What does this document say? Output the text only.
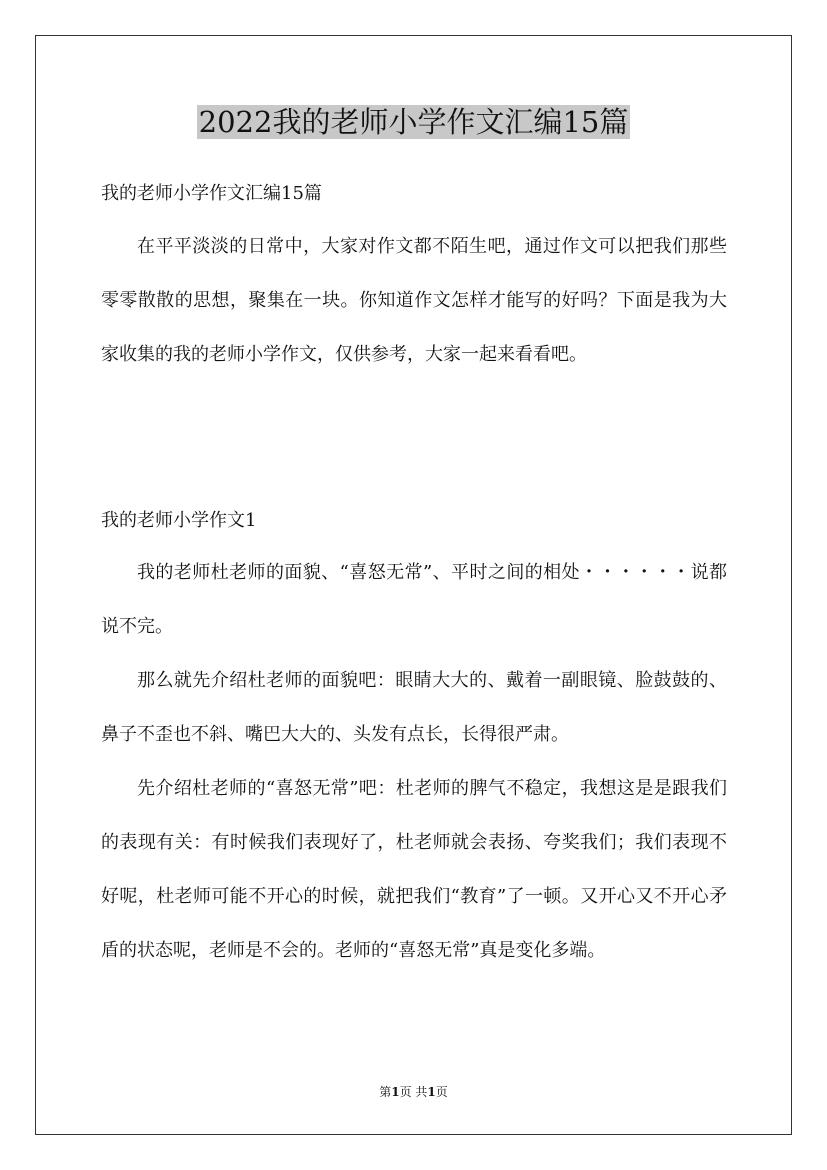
2022我的老师小学作文汇编15篇
我的老师小学作文汇编15篇

在平平淡淡的日常中，大家对作文都不陌生吧，通过作文可以把我们那些零零散散的思想，聚集在一块。你知道作文怎样才能写的好吗？下面是我为大家收集的我的老师小学作文，仅供参考，大家一起来看看吧。

我的老师小学作文1

我的老师杜老师的面貌、“喜怒无常”、平时之间的相处・・・・・・说都说不完。

那么就先介绍杜老师的面貌吧：眼睛大大的、戴着一副眼镜、脸鼓鼓的、鼻子不歪也不斜、嘴巴大大的、头发有点长，长得很严肃。

先介绍杜老师的“喜怒无常”吧：杜老师的脾气不稳定，我想这是是跟我们的表现有关：有时候我们表现好了，杜老师就会表扬、夸奖我们；我们表现不好呢，杜老师可能不开心的时候，就把我们“教育”了一顿。又开心又不开心矛盾的状态呢，老师是不会的。老师的“喜怒无常”真是变化多端。

第1页 共1页
